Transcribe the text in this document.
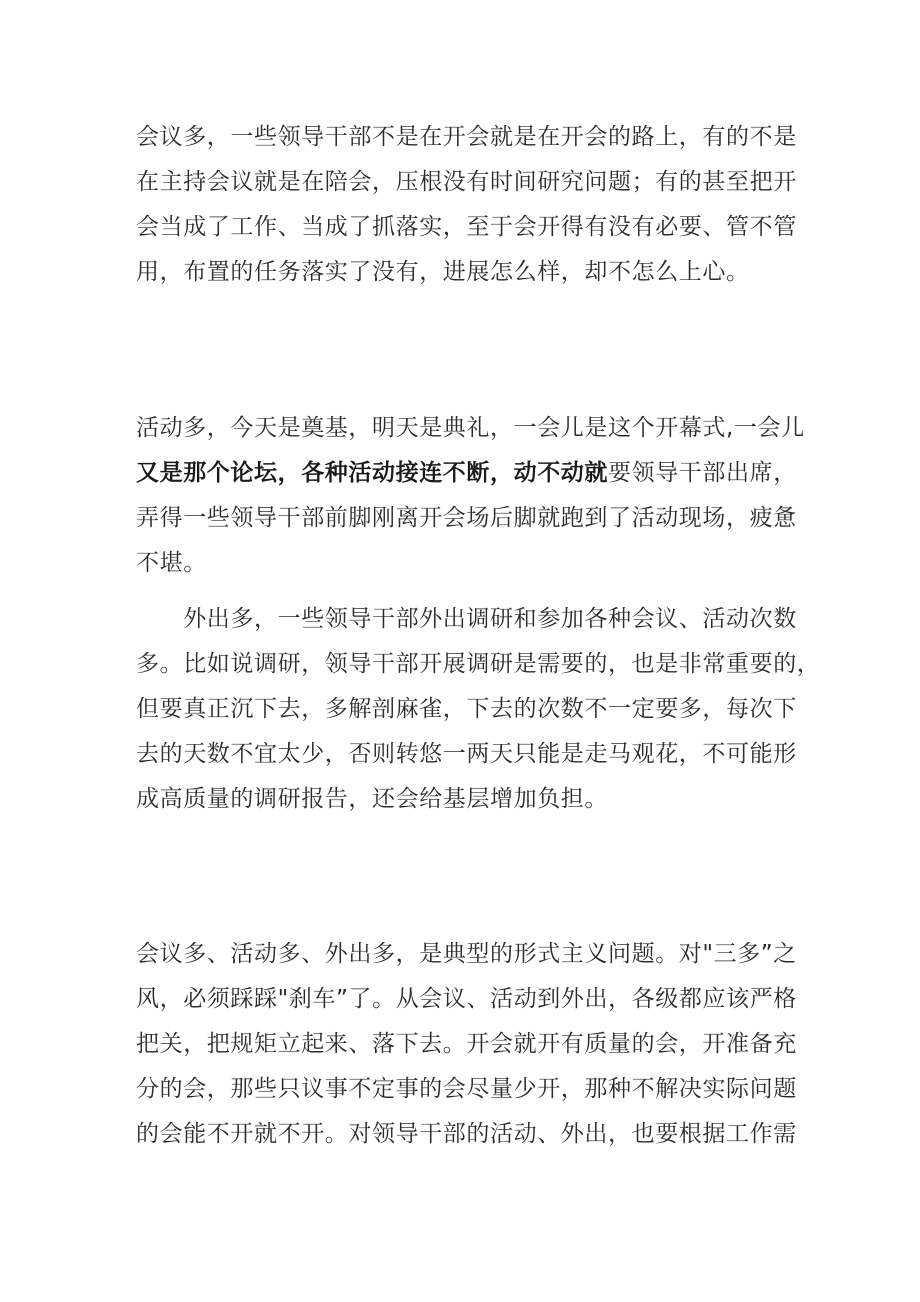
会议多，一些领导干部不是在开会就是在开会的路上，有的不是
在主持会议就是在陪会，压根没有时间研究问题；有的甚至把开
会当成了工作、当成了抓落实，至于会开得有没有必要、管不管
用，布置的任务落实了没有，进展怎么样，却不怎么上心。
活动多，今天是奠基，明天是典礼，一会儿是这个开幕式,一会儿
又是那个论坛，各种活动接连不断，动不动就要领导干部出席，
弄得一些领导干部前脚刚离开会场后脚就跑到了活动现场，疲惫
不堪。
　　外出多，一些领导干部外出调研和参加各种会议、活动次数
多。比如说调研，领导干部开展调研是需要的，也是非常重要的，
但要真正沉下去，多解剖麻雀，下去的次数不一定要多，每次下
去的天数不宜太少，否则转悠一两天只能是走马观花，不可能形
成高质量的调研报告，还会给基层增加负担。
会议多、活动多、外出多，是典型的形式主义问题。对"三多”之
风，必须踩踩"刹车”了。从会议、活动到外出，各级都应该严格
把关，把规矩立起来、落下去。开会就开有质量的会，开准备充
分的会，那些只议事不定事的会尽量少开，那种不解决实际问题
的会能不开就不开。对领导干部的活动、外出，也要根据工作需
